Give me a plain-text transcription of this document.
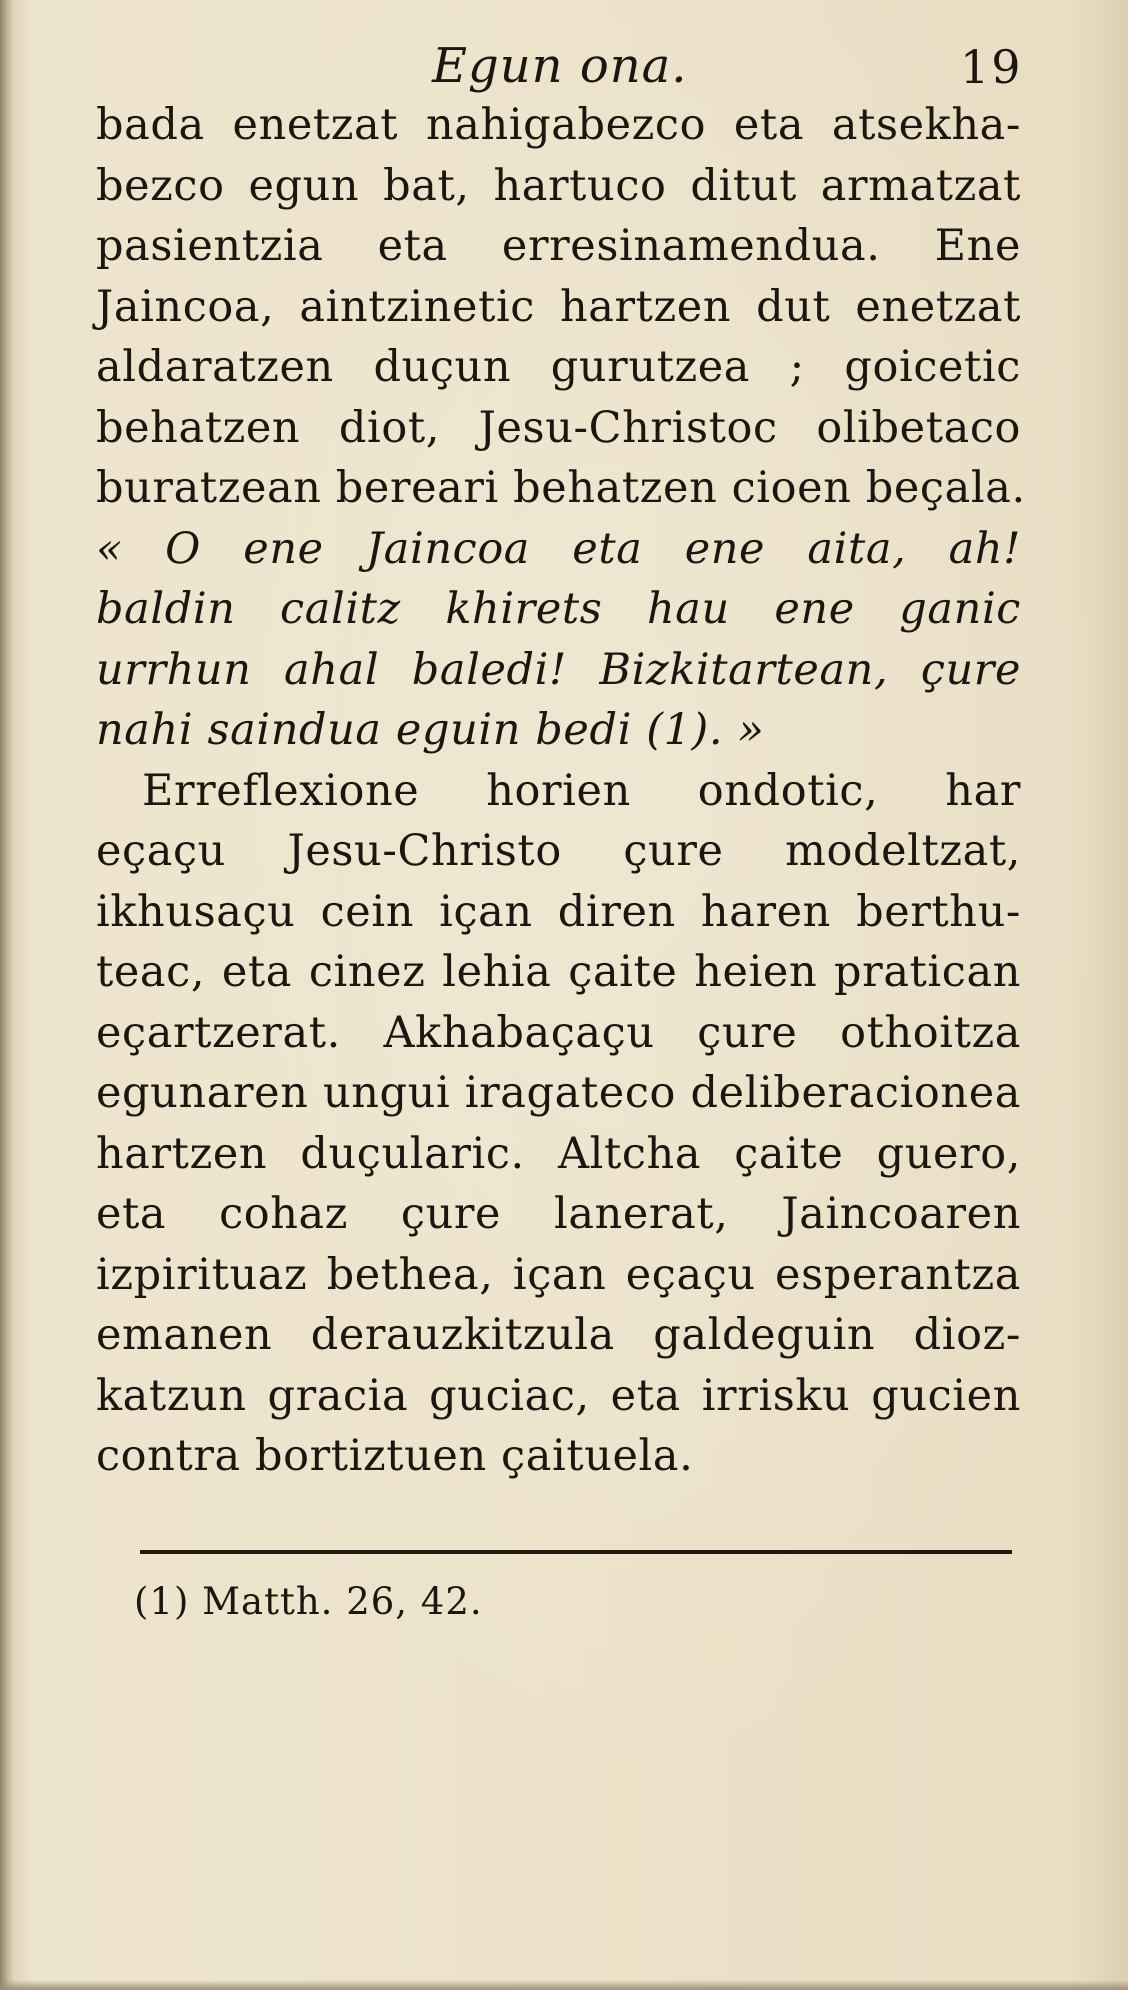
Egun ona.	19
bada enetzat nahigabezco eta atsekha-
bezco egun bat, hartuco ditut armatzat
pasientzia eta erresinamendua. Ene
Jaincoa, aintzinetic hartzen dut enetzat
aldaratzen duçun gurutzea ; goicetic
behatzen diot, Jesu-Christoc olibetaco
buratzean bereari behatzen cioen beçala.
« O ene Jaincoa eta ene aita, ah!
baldin calitz khirets hau ene ganic
urrhun ahal baledi! Bizkitartean, çure
nahi saindua eguin bedi (1). »
Erreflexione horien ondotic, har
eçaçu Jesu-Christo çure modeltzat,
ikhusaçu cein içan diren haren berthu-
teac, eta cinez lehia çaite heien pratican
eçartzerat. Akhabaçaçu çure othoitza
egunaren ungui iragateco deliberacionea
hartzen duçularic. Altcha çaite guero,
eta cohaz çure lanerat, Jaincoaren
izpirituaz bethea, içan eçaçu esperantza
emanen derauzkitzula galdeguin dioz-
katzun gracia guciac, eta irrisku gucien
contra bortiztuen çaituela.
(1) Matth. 26, 42.
